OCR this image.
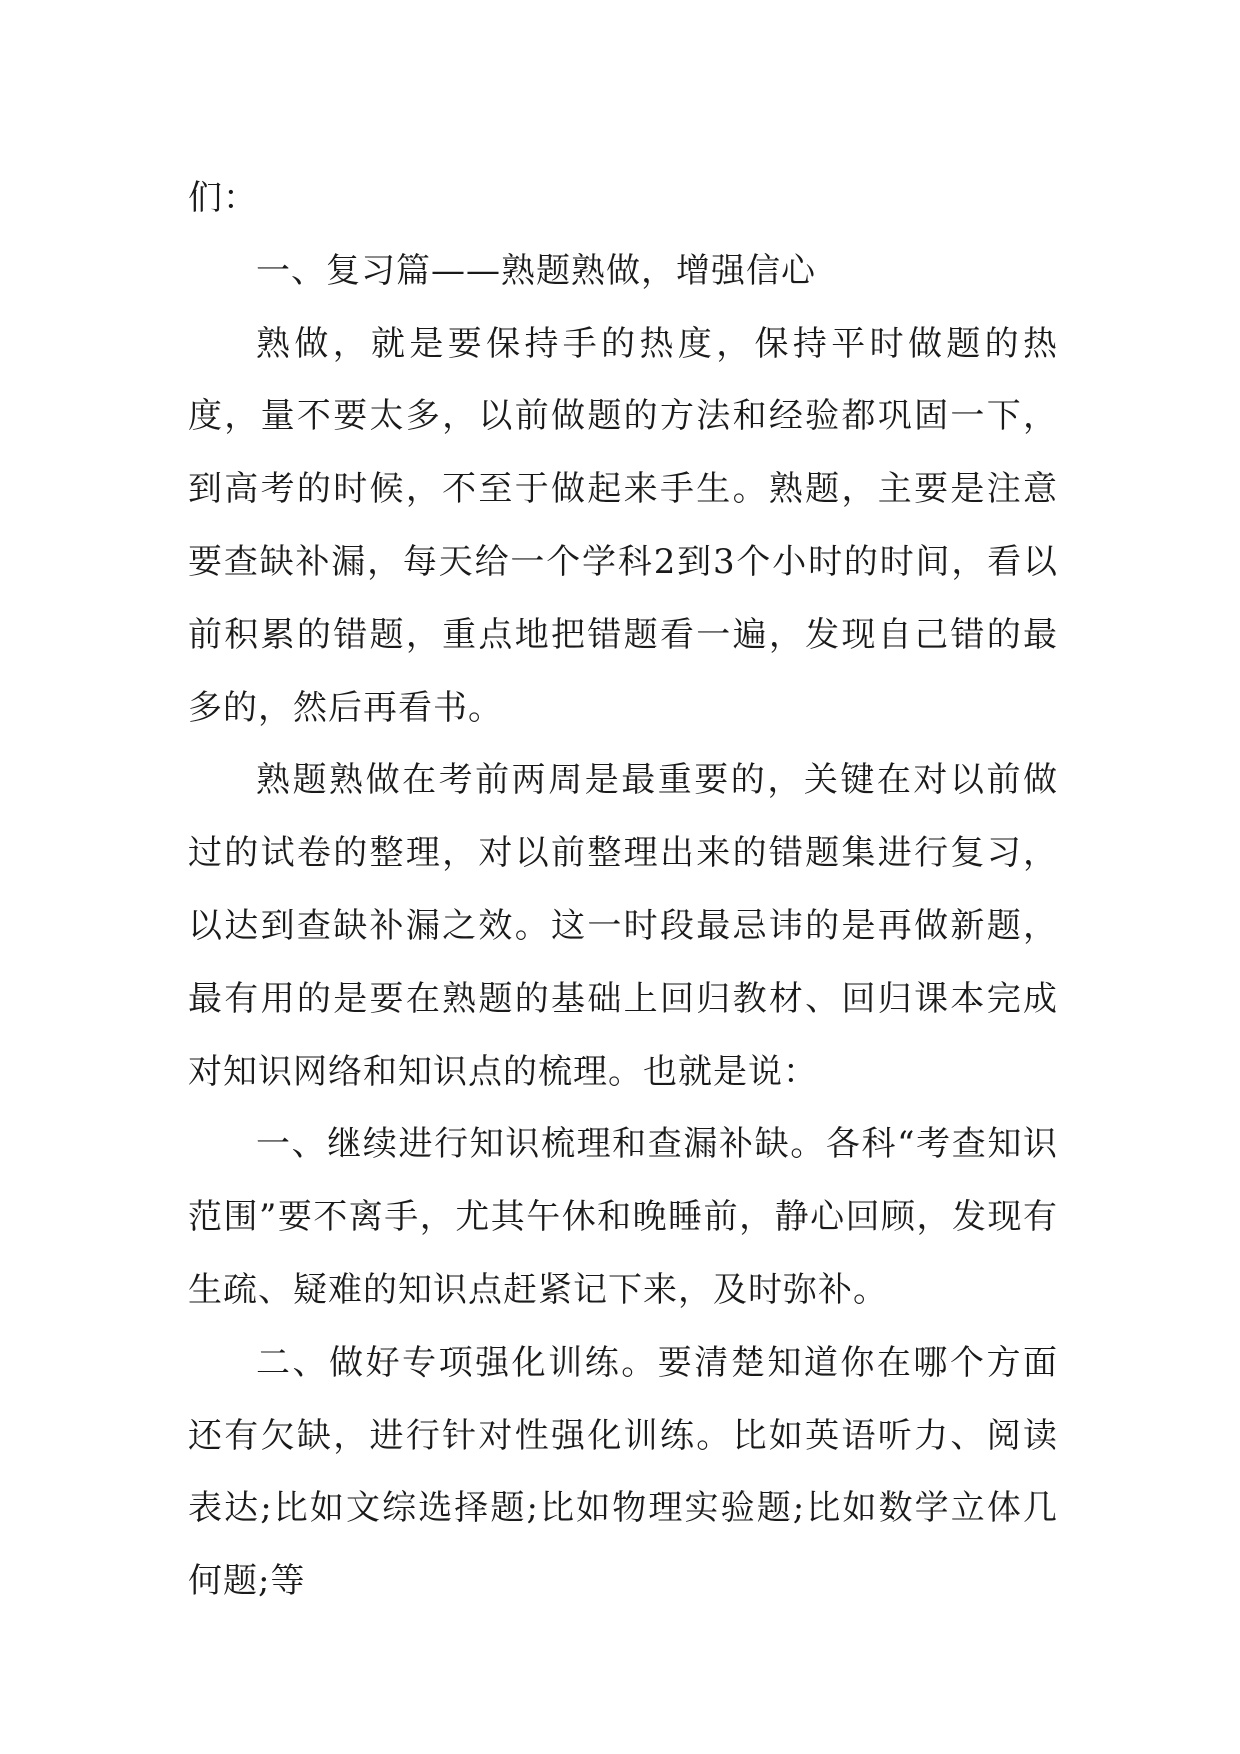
们：

一、复习篇——熟题熟做，增强信心

熟做，就是要保持手的热度，保持平时做题的热度，量不要太多，以前做题的方法和经验都巩固一下，到高考的时候，不至于做起来手生。熟题，主要是注意要查缺补漏，每天给一个学科2到3个小时的时间，看以前积累的错题，重点地把错题看一遍，发现自己错的最多的，然后再看书。

熟题熟做在考前两周是最重要的，关键在对以前做过的试卷的整理，对以前整理出来的错题集进行复习，以达到查缺补漏之效。这一时段最忌讳的是再做新题，最有用的是要在熟题的基础上回归教材、回归课本完成对知识网络和知识点的梳理。也就是说：

一、继续进行知识梳理和查漏补缺。各科“考查知识范围”要不离手，尤其午休和晚睡前，静心回顾，发现有生疏、疑难的知识点赶紧记下来，及时弥补。

二、做好专项强化训练。要清楚知道你在哪个方面还有欠缺，进行针对性强化训练。比如英语听力、阅读表达;比如文综选择题;比如物理实验题;比如数学立体几何题;等
